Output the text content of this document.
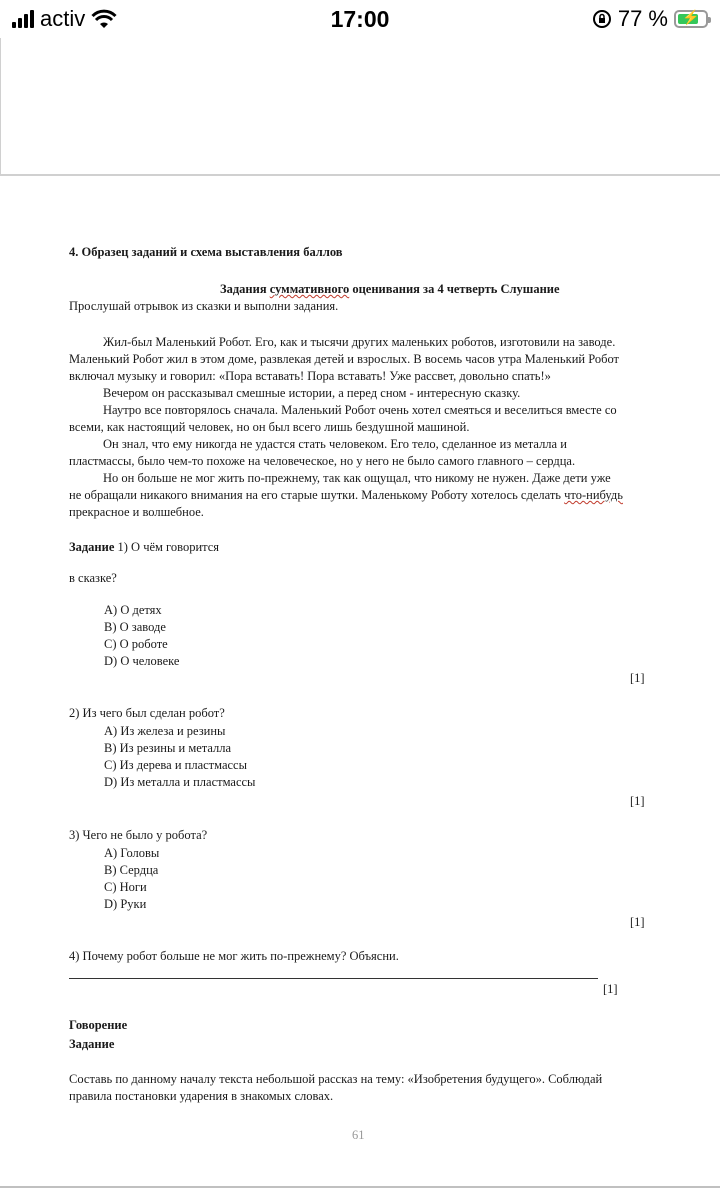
activ	17:00	77 %	⚡
4. Образец заданий и схема выставления баллов
Задания суммативного оценивания за 4 четверть Слушание
Прослушай отрывок из сказки и выполни задания.
Жил-был Маленький Робот. Его, как и тысячи других маленьких роботов, изготовили на заводе.
Маленький Робот жил в этом доме, развлекая детей и взрослых. В восемь часов утра Маленький Робот
включал музыку и говорил: «Пора вставать! Пора вставать! Уже рассвет, довольно спать!»
Вечером он рассказывал смешные истории, а перед сном - интересную сказку.
Наутро все повторялось сначала. Маленький Робот очень хотел смеяться и веселиться вместе со
всеми, как настоящий человек, но он был всего лишь бездушной машиной.
Он знал, что ему никогда не удастся стать человеком. Его тело, сделанное из металла и
пластмассы, было чем-то похоже на человеческое, но у него не было самого главного – сердца.
Но он больше не мог жить по-прежнему, так как ощущал, что никому не нужен. Даже дети уже
не обращали никакого внимания на его старые шутки. Маленькому Роботу хотелось сделать что-нибудь
прекрасное и волшебное.
Задание 1) О чём говорится
в сказке?
A) О детях
B) О заводе
C) О роботе
D) О человеке
[1]
2) Из чего был сделан робот?
A) Из железа и резины
B) Из резины и металла
C) Из дерева и пластмассы
D) Из металла и пластмассы
[1]
3) Чего не было у робота?
A) Головы
B) Сердца
C) Ноги
D) Руки
[1]
4) Почему робот больше не мог жить по-прежнему? Объясни.
[1]
Говорение
Задание
Составь по данному началу текста небольшой рассказ на тему: «Изобретения будущего». Соблюдай
правила постановки ударения в знакомых словах.
61
